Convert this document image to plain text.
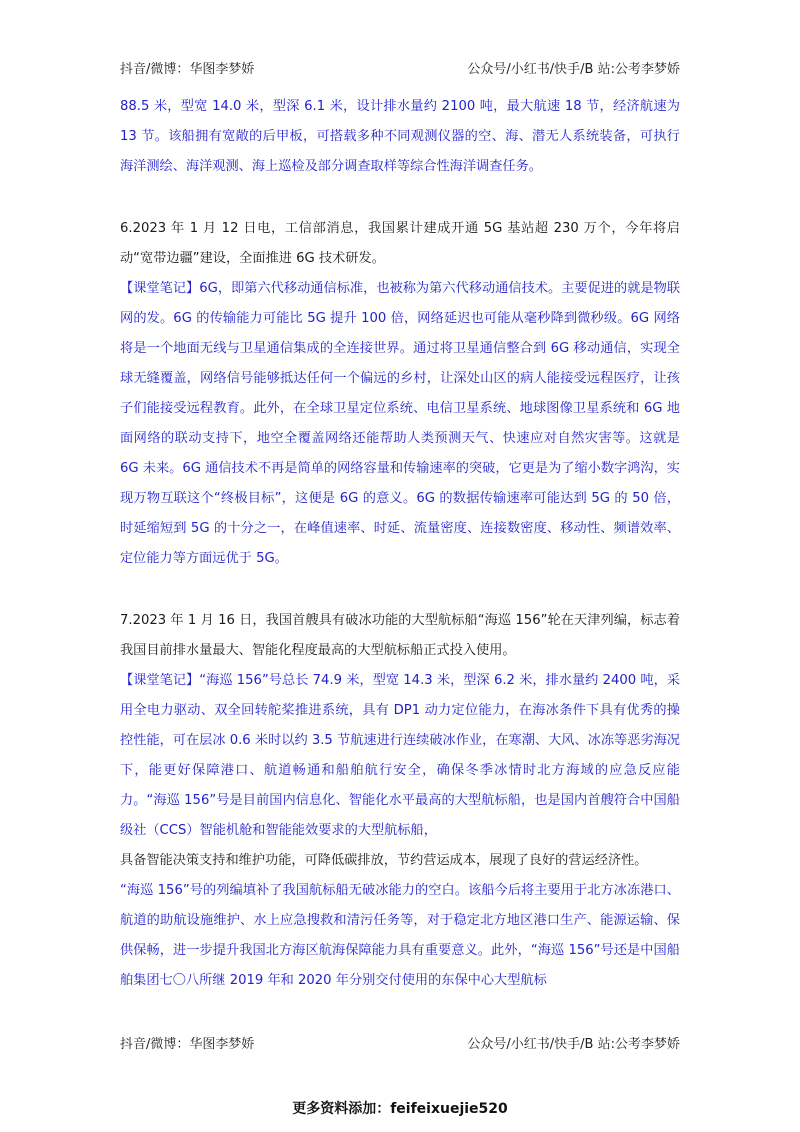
抖音/微博：华图李梦娇	公众号/小红书/快手/B 站:公考李梦娇

88.5 米，型宽 14.0 米，型深 6.1 米，设计排水量约 2100 吨，最大航速 18 节，经济航速为 13 节。该船拥有宽敞的后甲板，可搭载多种不同观测仪器的空、海、潜无人系统装备，可执行海洋测绘、海洋观测、海上巡检及部分调查取样等综合性海洋调查任务。

6.2023 年 1 月 12 日电，工信部消息，我国累计建成开通 5G 基站超 230 万个，今年将启动“宽带边疆”建设，全面推进 6G 技术研发。

【课堂笔记】6G，即第六代移动通信标准，也被称为第六代移动通信技术。主要促进的就是物联网的发。6G 的传输能力可能比 5G 提升 100 倍，网络延迟也可能从毫秒降到微秒级。6G 网络将是一个地面无线与卫星通信集成的全连接世界。通过将卫星通信整合到 6G 移动通信，实现全球无缝覆盖，网络信号能够抵达任何一个偏远的乡村，让深处山区的病人能接受远程医疗，让孩子们能接受远程教育。此外，在全球卫星定位系统、电信卫星系统、地球图像卫星系统和 6G 地面网络的联动支持下，地空全覆盖网络还能帮助人类预测天气、快速应对自然灾害等。这就是 6G 未来。6G 通信技术不再是简单的网络容量和传输速率的突破，它更是为了缩小数字鸿沟，实现万物互联这个“终极目标”，这便是 6G 的意义。6G 的数据传输速率可能达到 5G 的 50 倍，时延缩短到 5G 的十分之一，在峰值速率、时延、流量密度、连接数密度、移动性、频谱效率、定位能力等方面远优于 5G。

7.2023 年 1 月 16 日，我国首艘具有破冰功能的大型航标船“海巡 156”轮在天津列编，标志着我国目前排水量最大、智能化程度最高的大型航标船正式投入使用。

【课堂笔记】“海巡 156”号总长 74.9 米，型宽 14.3 米，型深 6.2 米，排水量约 2400 吨，采用全电力驱动、双全回转舵桨推进系统，具有 DP1 动力定位能力，在海冰条件下具有优秀的操控性能，可在层冰 0.6 米时以约 3.5 节航速进行连续破冰作业，在寒潮、大风、冰冻等恶劣海况下，能更好保障港口、航道畅通和船舶航行安全，确保冬季冰情时北方海域的应急反应能力。“海巡 156”号是目前国内信息化、智能化水平最高的大型航标船，也是国内首艘符合中国船级社（CCS）智能机舱和智能能效要求的大型航标船，

具备智能决策支持和维护功能，可降低碳排放，节约营运成本，展现了良好的营运经济性。

“海巡 156”号的列编填补了我国航标船无破冰能力的空白。该船今后将主要用于北方冰冻港口、航道的助航设施维护、水上应急搜救和清污任务等，对于稳定北方地区港口生产、能源运输、保供保畅，进一步提升我国北方海区航海保障能力具有重要意义。此外，“海巡 156”号还是中国船舶集团七〇八所继 2019 年和 2020 年分别交付使用的东保中心大型航标

抖音/微博：华图李梦娇	公众号/小红书/快手/B 站:公考李梦娇
更多资料添加：feifeixuejie520
